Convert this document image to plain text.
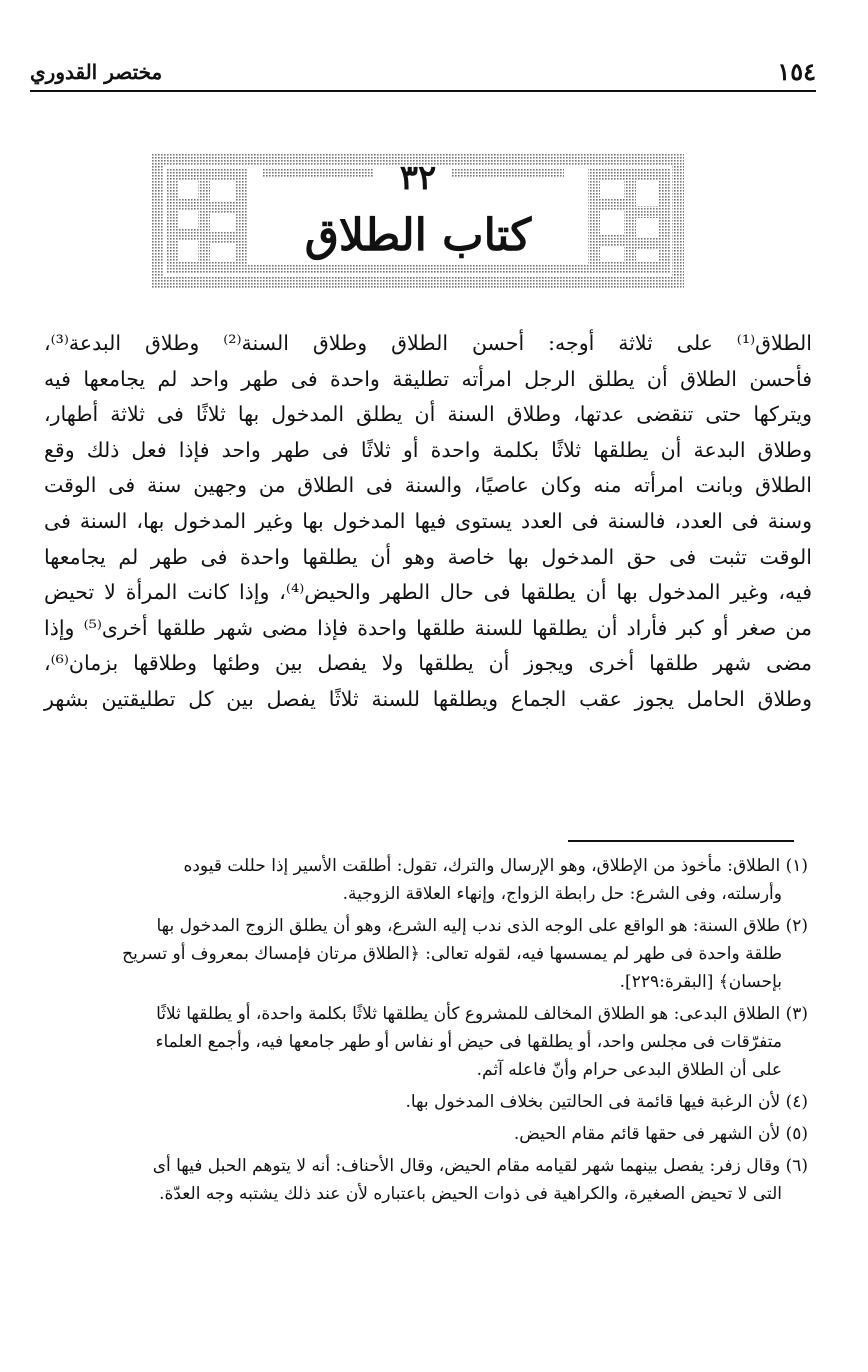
مختصر القدوري	١٥٤
٣٢
كتاب الطلاق
الطلاق⁽¹⁾ على ثلاثة أوجه: أحسن الطلاق وطلاق السنة⁽²⁾ وطلاق البدعة⁽³⁾،
فأحسن الطلاق أن يطلق الرجل امرأته تطليقة واحدة فى طهر واحد لم يجامعها فيه
ويتركها حتى تنقضى عدتها، وطلاق السنة أن يطلق المدخول بها ثلاثًا فى ثلاثة أطهار،
وطلاق البدعة أن يطلقها ثلاثًا بكلمة واحدة أو ثلاثًا فى طهر واحد فإذا فعل ذلك وقع
الطلاق وبانت امرأته منه وكان عاصيًا، والسنة فى الطلاق من وجهين سنة فى الوقت
وسنة فى العدد، فالسنة فى العدد يستوى فيها المدخول بها وغير المدخول بها، السنة فى
الوقت تثبت فى حق المدخول بها خاصة وهو أن يطلقها واحدة فى طهر لم يجامعها
فيه، وغير المدخول بها أن يطلقها فى حال الطهر والحيض⁽⁴⁾، وإذا كانت المرأة لا تحيض
من صغر أو كبر فأراد أن يطلقها للسنة طلقها واحدة فإذا مضى شهر طلقها أخرى⁽⁵⁾ وإذا
مضى شهر طلقها أخرى ويجوز أن يطلقها ولا يفصل بين وطئها وطلاقها بزمان⁽⁶⁾،
وطلاق الحامل يجوز عقب الجماع ويطلقها للسنة ثلاثًا يفصل بين كل تطليقتين بشهر
(١) الطلاق: مأخوذ من الإطلاق، وهو الإرسال والترك، تقول: أطلقت الأسير إذا حللت قيوده
وأرسلته، وفى الشرع: حل رابطة الزواج، وإنهاء العلاقة الزوجية.
(٢) طلاق السنة: هو الواقع على الوجه الذى ندب إليه الشرع، وهو أن يطلق الزوج المدخول بها
طلقة واحدة فى طهر لم يمسسها فيه، لقوله تعالى: ﴿الطلاق مرتان فإمساك بمعروف أو تسريح
بإحسان﴾ [البقرة:٢٢٩].
(٣) الطلاق البدعى: هو الطلاق المخالف للمشروع كأن يطلقها ثلاثًا بكلمة واحدة، أو يطلقها ثلاثًا
متفرّقات فى مجلس واحد، أو يطلقها فى حيض أو نفاس أو طهر جامعها فيه، وأجمع العلماء
على أن الطلاق البدعى حرام وأنّ فاعله آثم.
(٤) لأن الرغبة فيها قائمة فى الحالتين بخلاف المدخول بها.
(٥) لأن الشهر فى حقها قائم مقام الحيض.
(٦) وقال زفر: يفصل بينهما شهر لقيامه مقام الحيض، وقال الأحناف: أنه لا يتوهم الحبل فيها أى
التى لا تحيض الصغيرة، والكراهية فى ذوات الحيض باعتباره لأن عند ذلك يشتبه وجه العدّة.
